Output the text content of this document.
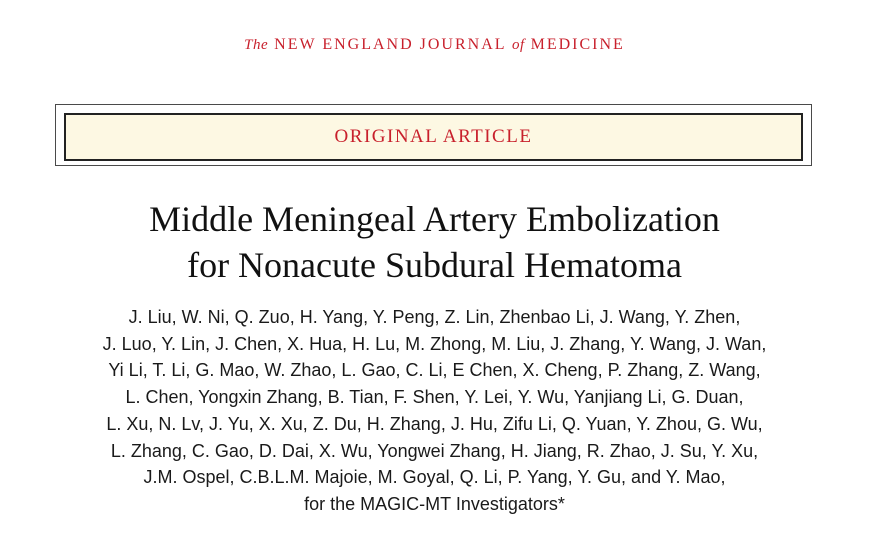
The NEW ENGLAND JOURNAL of MEDICINE
ORIGINAL ARTICLE
Middle Meningeal Artery Embolization
for Nonacute Subdural Hematoma
J. Liu, W. Ni, Q. Zuo, H. Yang, Y. Peng, Z. Lin, Zhenbao Li, J. Wang, Y. Zhen,
J. Luo, Y. Lin, J. Chen, X. Hua, H. Lu, M. Zhong, M. Liu, J. Zhang, Y. Wang, J. Wan,
Yi Li, T. Li, G. Mao, W. Zhao, L. Gao, C. Li, E Chen, X. Cheng, P. Zhang, Z. Wang,
L. Chen, Yongxin Zhang, B. Tian, F. Shen, Y. Lei, Y. Wu, Yanjiang Li, G. Duan,
L. Xu, N. Lv, J. Yu, X. Xu, Z. Du, H. Zhang, J. Hu, Zifu Li, Q. Yuan, Y. Zhou, G. Wu,
L. Zhang, C. Gao, D. Dai, X. Wu, Yongwei Zhang, H. Jiang, R. Zhao, J. Su, Y. Xu,
J.M. Ospel, C.B.L.M. Majoie, M. Goyal, Q. Li, P. Yang, Y. Gu, and Y. Mao,
for the MAGIC-MT Investigators*
